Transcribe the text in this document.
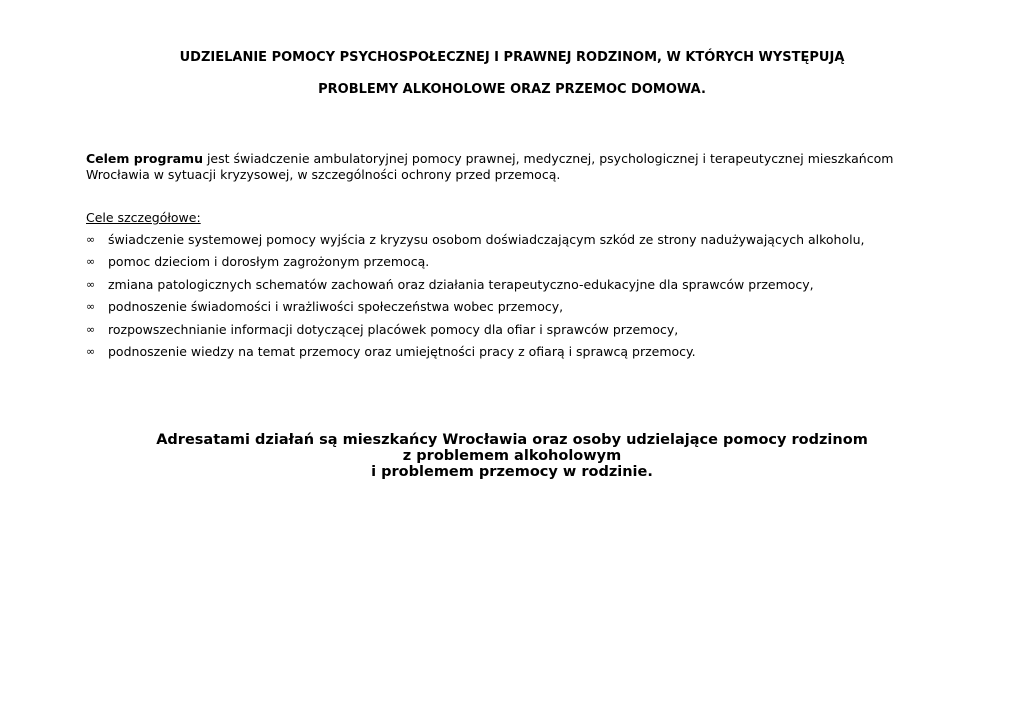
UDZIELANIE POMOCY PSYCHOSPOŁECZNEJ I PRAWNEJ RODZINOM, W KTÓRYCH WYSTĘPUJĄ
PROBLEMY ALKOHOLOWE ORAZ PRZEMOC DOMOWA.

Celem programu jest świadczenie ambulatoryjnej pomocy prawnej, medycznej, psychologicznej i terapeutycznej mieszkańcom
Wrocławia w sytuacji kryzysowej, w szczególności ochrony przed przemocą.

Cele szczegółowe:

∞ świadczenie systemowej pomocy wyjścia z kryzysu osobom doświadczającym szkód ze strony nadużywających alkoholu,
∞ pomoc dzieciom i dorosłym zagrożonym przemocą.
∞ zmiana patologicznych schematów zachowań oraz działania terapeutyczno-edukacyjne dla sprawców przemocy,
∞ podnoszenie świadomości i wrażliwości społeczeństwa wobec przemocy,
∞ rozpowszechnianie informacji dotyczącej placówek pomocy dla ofiar i sprawców przemocy,
∞ podnoszenie wiedzy na temat przemocy oraz umiejętności pracy z ofiarą i sprawcą przemocy.

Adresatami działań są mieszkańcy Wrocławia oraz osoby udzielające pomocy rodzinom
z problemem alkoholowym
i problemem przemocy w rodzinie.
